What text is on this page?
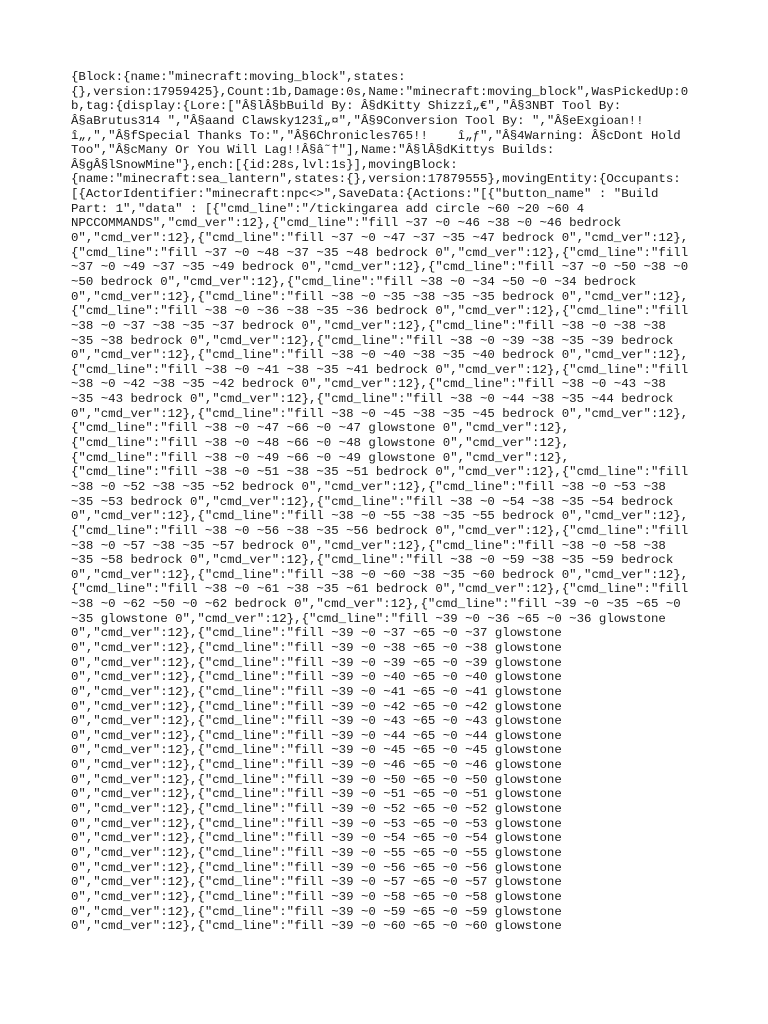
{Block:{name:"minecraft:moving_block",states:
{},version:17959425},Count:1b,Damage:0s,Name:"minecraft:moving_block",WasPickedUp:0
b,tag:{display:{Lore:["Â§lÂ§bBuild By: Â§dKitty Shizzî„€","Â§3NBT Tool By:
Â§aBrutus314 ","Â§aand Clawsky123î„¤","Â§9Conversion Tool By: ","Â§eExgioan!!
î„‚","Â§fSpecial Thanks To:","Â§6Chronicles765!!    î„ƒ","Â§4Warning: Â§cDont Hold
Too","Â§cMany Or You Will Lag!!Â§â˜†"],Name:"Â§lÂ§dKittys Builds:
Â§gÂ§lSnowMine"},ench:[{id:28s,lvl:1s}],movingBlock:
{name:"minecraft:sea_lantern",states:{},version:17879555},movingEntity:{Occupants:
[{ActorIdentifier:"minecraft:npc<>",SaveData:{Actions:"[{"button_name" : "Build
Part: 1","data" : [{"cmd_line":"/tickingarea add circle ~60 ~20 ~60 4
NPCCOMMANDS","cmd_ver":12},{"cmd_line":"fill ~37 ~0 ~46 ~38 ~0 ~46 bedrock
0","cmd_ver":12},{"cmd_line":"fill ~37 ~0 ~47 ~37 ~35 ~47 bedrock 0","cmd_ver":12},
{"cmd_line":"fill ~37 ~0 ~48 ~37 ~35 ~48 bedrock 0","cmd_ver":12},{"cmd_line":"fill
~37 ~0 ~49 ~37 ~35 ~49 bedrock 0","cmd_ver":12},{"cmd_line":"fill ~37 ~0 ~50 ~38 ~0
~50 bedrock 0","cmd_ver":12},{"cmd_line":"fill ~38 ~0 ~34 ~50 ~0 ~34 bedrock
0","cmd_ver":12},{"cmd_line":"fill ~38 ~0 ~35 ~38 ~35 ~35 bedrock 0","cmd_ver":12},
{"cmd_line":"fill ~38 ~0 ~36 ~38 ~35 ~36 bedrock 0","cmd_ver":12},{"cmd_line":"fill
~38 ~0 ~37 ~38 ~35 ~37 bedrock 0","cmd_ver":12},{"cmd_line":"fill ~38 ~0 ~38 ~38
~35 ~38 bedrock 0","cmd_ver":12},{"cmd_line":"fill ~38 ~0 ~39 ~38 ~35 ~39 bedrock
0","cmd_ver":12},{"cmd_line":"fill ~38 ~0 ~40 ~38 ~35 ~40 bedrock 0","cmd_ver":12},
{"cmd_line":"fill ~38 ~0 ~41 ~38 ~35 ~41 bedrock 0","cmd_ver":12},{"cmd_line":"fill
~38 ~0 ~42 ~38 ~35 ~42 bedrock 0","cmd_ver":12},{"cmd_line":"fill ~38 ~0 ~43 ~38
~35 ~43 bedrock 0","cmd_ver":12},{"cmd_line":"fill ~38 ~0 ~44 ~38 ~35 ~44 bedrock
0","cmd_ver":12},{"cmd_line":"fill ~38 ~0 ~45 ~38 ~35 ~45 bedrock 0","cmd_ver":12},
{"cmd_line":"fill ~38 ~0 ~47 ~66 ~0 ~47 glowstone 0","cmd_ver":12},
{"cmd_line":"fill ~38 ~0 ~48 ~66 ~0 ~48 glowstone 0","cmd_ver":12},
{"cmd_line":"fill ~38 ~0 ~49 ~66 ~0 ~49 glowstone 0","cmd_ver":12},
{"cmd_line":"fill ~38 ~0 ~51 ~38 ~35 ~51 bedrock 0","cmd_ver":12},{"cmd_line":"fill
~38 ~0 ~52 ~38 ~35 ~52 bedrock 0","cmd_ver":12},{"cmd_line":"fill ~38 ~0 ~53 ~38
~35 ~53 bedrock 0","cmd_ver":12},{"cmd_line":"fill ~38 ~0 ~54 ~38 ~35 ~54 bedrock
0","cmd_ver":12},{"cmd_line":"fill ~38 ~0 ~55 ~38 ~35 ~55 bedrock 0","cmd_ver":12},
{"cmd_line":"fill ~38 ~0 ~56 ~38 ~35 ~56 bedrock 0","cmd_ver":12},{"cmd_line":"fill
~38 ~0 ~57 ~38 ~35 ~57 bedrock 0","cmd_ver":12},{"cmd_line":"fill ~38 ~0 ~58 ~38
~35 ~58 bedrock 0","cmd_ver":12},{"cmd_line":"fill ~38 ~0 ~59 ~38 ~35 ~59 bedrock
0","cmd_ver":12},{"cmd_line":"fill ~38 ~0 ~60 ~38 ~35 ~60 bedrock 0","cmd_ver":12},
{"cmd_line":"fill ~38 ~0 ~61 ~38 ~35 ~61 bedrock 0","cmd_ver":12},{"cmd_line":"fill
~38 ~0 ~62 ~50 ~0 ~62 bedrock 0","cmd_ver":12},{"cmd_line":"fill ~39 ~0 ~35 ~65 ~0
~35 glowstone 0","cmd_ver":12},{"cmd_line":"fill ~39 ~0 ~36 ~65 ~0 ~36 glowstone
0","cmd_ver":12},{"cmd_line":"fill ~39 ~0 ~37 ~65 ~0 ~37 glowstone
0","cmd_ver":12},{"cmd_line":"fill ~39 ~0 ~38 ~65 ~0 ~38 glowstone
0","cmd_ver":12},{"cmd_line":"fill ~39 ~0 ~39 ~65 ~0 ~39 glowstone
0","cmd_ver":12},{"cmd_line":"fill ~39 ~0 ~40 ~65 ~0 ~40 glowstone
0","cmd_ver":12},{"cmd_line":"fill ~39 ~0 ~41 ~65 ~0 ~41 glowstone
0","cmd_ver":12},{"cmd_line":"fill ~39 ~0 ~42 ~65 ~0 ~42 glowstone
0","cmd_ver":12},{"cmd_line":"fill ~39 ~0 ~43 ~65 ~0 ~43 glowstone
0","cmd_ver":12},{"cmd_line":"fill ~39 ~0 ~44 ~65 ~0 ~44 glowstone
0","cmd_ver":12},{"cmd_line":"fill ~39 ~0 ~45 ~65 ~0 ~45 glowstone
0","cmd_ver":12},{"cmd_line":"fill ~39 ~0 ~46 ~65 ~0 ~46 glowstone
0","cmd_ver":12},{"cmd_line":"fill ~39 ~0 ~50 ~65 ~0 ~50 glowstone
0","cmd_ver":12},{"cmd_line":"fill ~39 ~0 ~51 ~65 ~0 ~51 glowstone
0","cmd_ver":12},{"cmd_line":"fill ~39 ~0 ~52 ~65 ~0 ~52 glowstone
0","cmd_ver":12},{"cmd_line":"fill ~39 ~0 ~53 ~65 ~0 ~53 glowstone
0","cmd_ver":12},{"cmd_line":"fill ~39 ~0 ~54 ~65 ~0 ~54 glowstone
0","cmd_ver":12},{"cmd_line":"fill ~39 ~0 ~55 ~65 ~0 ~55 glowstone
0","cmd_ver":12},{"cmd_line":"fill ~39 ~0 ~56 ~65 ~0 ~56 glowstone
0","cmd_ver":12},{"cmd_line":"fill ~39 ~0 ~57 ~65 ~0 ~57 glowstone
0","cmd_ver":12},{"cmd_line":"fill ~39 ~0 ~58 ~65 ~0 ~58 glowstone
0","cmd_ver":12},{"cmd_line":"fill ~39 ~0 ~59 ~65 ~0 ~59 glowstone
0","cmd_ver":12},{"cmd_line":"fill ~39 ~0 ~60 ~65 ~0 ~60 glowstone
